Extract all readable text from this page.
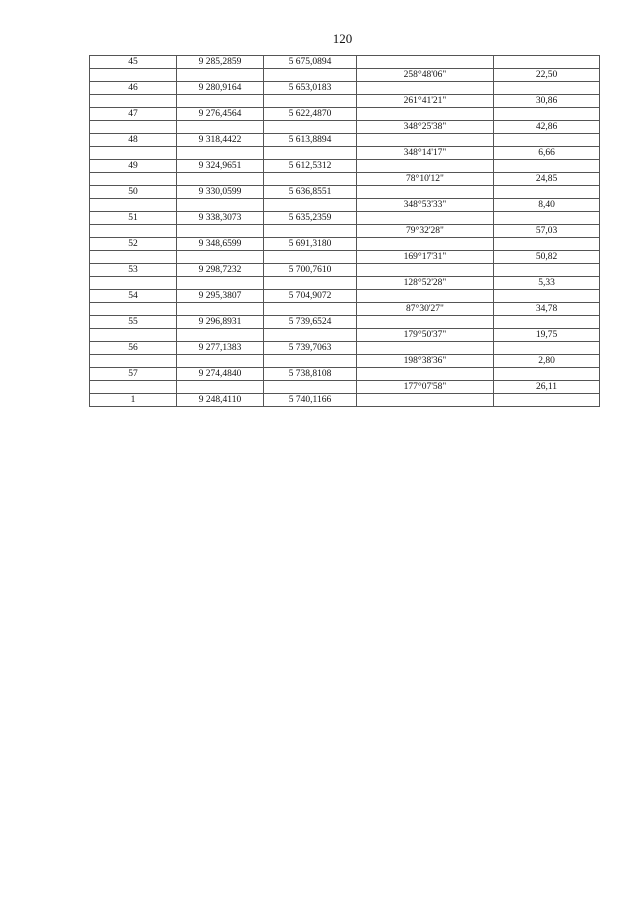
120
45	9 285,2859	5 675,0894		
			258°48'06"	22,50
46	9 280,9164	5 653,0183		
			261°41'21"	30,86
47	9 276,4564	5 622,4870		
			348°25'38"	42,86
48	9 318,4422	5 613,8894		
			348°14'17"	6,66
49	9 324,9651	5 612,5312		
			78°10'12"	24,85
50	9 330,0599	5 636,8551		
			348°53'33"	8,40
51	9 338,3073	5 635,2359		
			79°32'28"	57,03
52	9 348,6599	5 691,3180		
			169°17'31"	50,82
53	9 298,7232	5 700,7610		
			128°52'28"	5,33
54	9 295,3807	5 704,9072		
			87°30'27"	34,78
55	9 296,8931	5 739,6524		
			179°50'37"	19,75
56	9 277,1383	5 739,7063		
			198°38'36"	2,80
57	9 274,4840	5 738,8108		
			177°07'58"	26,11
1	9 248,4110	5 740,1166		
